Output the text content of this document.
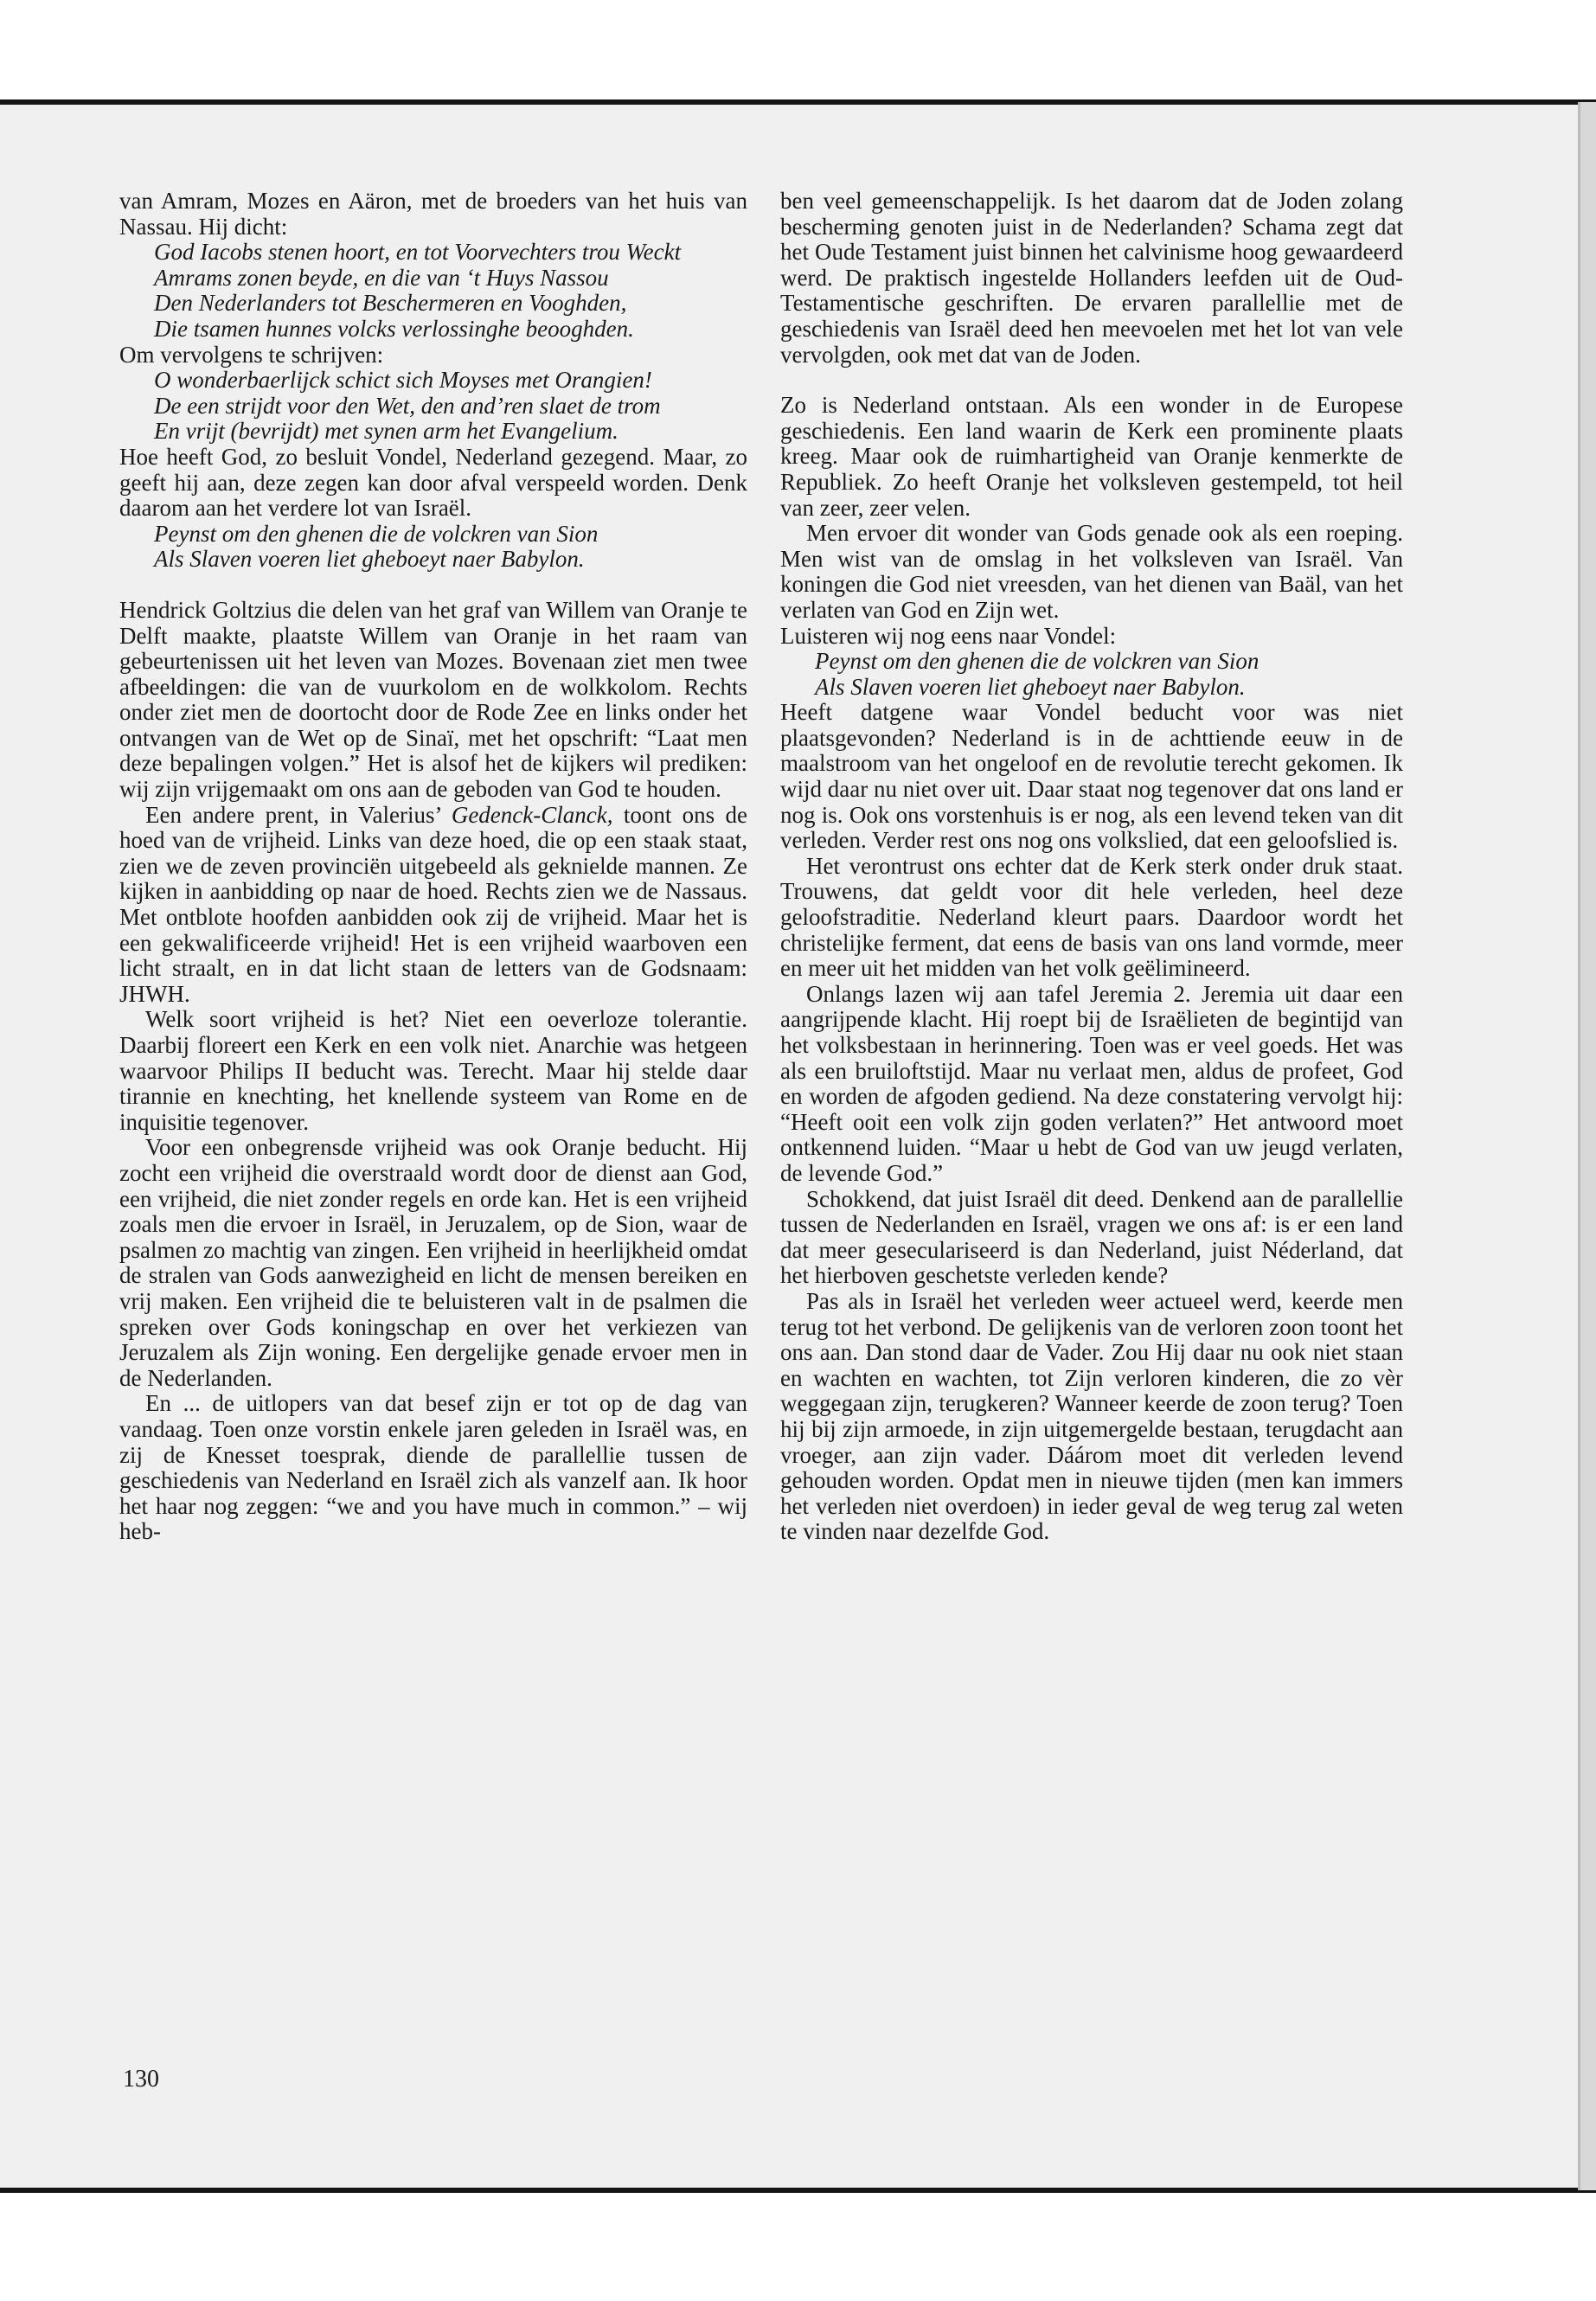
van Amram, Mozes en Aäron, met de broeders van het huis van Nassau. Hij dicht:

God Iacobs stenen hoort, en tot Voorvechters trou Weckt Amrams zonen beyde, en die van ‘t Huys Nassou

Den Nederlanders tot Beschermeren en Vooghden,

Die tsamen hunnes volcks verlossinghe beooghden.

Om vervolgens te schrijven:

O wonderbaerlijck schict sich Moyses met Orangien!

De een strijdt voor den Wet, den and’ren slaet de trom

En vrijt (bevrijdt) met synen arm het Evangelium.

Hoe heeft God, zo besluit Vondel, Nederland gezegend. Maar, zo geeft hij aan, deze zegen kan door afval verspeeld worden. Denk daarom aan het verdere lot van Israël.

Peynst om den ghenen die de volckren van Sion

Als Slaven voeren liet gheboeyt naer Babylon.

Hendrick Goltzius die delen van het graf van Willem van Oranje te Delft maakte, plaatste Willem van Oranje in het raam van gebeurtenissen uit het leven van Mozes. Bovenaan ziet men twee afbeeldingen: die van de vuurkolom en de wolkkolom. Rechts onder ziet men de doortocht door de Rode Zee en links onder het ontvangen van de Wet op de Sinaï, met het opschrift: “Laat men deze bepalingen volgen.” Het is alsof het de kijkers wil prediken: wij zijn vrijgemaakt om ons aan de geboden van God te houden.

Een andere prent, in Valerius’ Gedenck-Clanck, toont ons de hoed van de vrijheid. Links van deze hoed, die op een staak staat, zien we de zeven provinciën uitgebeeld als geknielde mannen. Ze kijken in aanbidding op naar de hoed. Rechts zien we de Nassaus. Met ontblote hoofden aanbidden ook zij de vrijheid. Maar het is een gekwalificeerde vrijheid! Het is een vrijheid waarboven een licht straalt, en in dat licht staan de letters van de Godsnaam: JHWH.

Welk soort vrijheid is het? Niet een oeverloze tolerantie. Daarbij floreert een Kerk en een volk niet. Anarchie was hetgeen waarvoor Philips II beducht was. Terecht. Maar hij stelde daar tirannie en knechting, het knellende systeem van Rome en de inquisitie tegenover.

Voor een onbegrensde vrijheid was ook Oranje beducht. Hij zocht een vrijheid die overstraald wordt door de dienst aan God, een vrijheid, die niet zonder regels en orde kan. Het is een vrijheid zoals men die ervoer in Israël, in Jeruzalem, op de Sion, waar de psalmen zo machtig van zingen. Een vrijheid in heerlijkheid omdat de stralen van Gods aanwezigheid en licht de mensen bereiken en vrij maken. Een vrijheid die te beluisteren valt in de psalmen die spreken over Gods koningschap en over het verkiezen van Jeruzalem als Zijn woning. Een dergelijke genade ervoer men in de Nederlanden.

En ... de uitlopers van dat besef zijn er tot op de dag van vandaag. Toen onze vorstin enkele jaren geleden in Israël was, en zij de Knesset toesprak, diende de parallellie tussen de geschiedenis van Nederland en Israël zich als vanzelf aan. Ik hoor het haar nog zeggen: “we and you have much in common.” – wij heb-

ben veel gemeenschappelijk. Is het daarom dat de Joden zolang bescherming genoten juist in de Nederlanden? Schama zegt dat het Oude Testament juist binnen het calvinisme hoog gewaardeerd werd. De praktisch ingestelde Hollanders leefden uit de Oud-Testamentische geschriften. De ervaren parallellie met de geschiedenis van Israël deed hen meevoelen met het lot van vele vervolgden, ook met dat van de Joden.

Zo is Nederland ontstaan. Als een wonder in de Europese geschiedenis. Een land waarin de Kerk een prominente plaats kreeg. Maar ook de ruimhartigheid van Oranje kenmerkte de Republiek. Zo heeft Oranje het volksleven gestempeld, tot heil van zeer, zeer velen.

Men ervoer dit wonder van Gods genade ook als een roeping. Men wist van de omslag in het volksleven van Israël. Van koningen die God niet vreesden, van het dienen van Baäl, van het verlaten van God en Zijn wet.

Luisteren wij nog eens naar Vondel:

Peynst om den ghenen die de volckren van Sion

Als Slaven voeren liet gheboeyt naer Babylon.

Heeft datgene waar Vondel beducht voor was niet plaatsgevonden? Nederland is in de achttiende eeuw in de maalstroom van het ongeloof en de revolutie terecht gekomen. Ik wijd daar nu niet over uit. Daar staat nog tegenover dat ons land er nog is. Ook ons vorstenhuis is er nog, als een levend teken van dit verleden. Verder rest ons nog ons volkslied, dat een geloofslied is.

Het verontrust ons echter dat de Kerk sterk onder druk staat. Trouwens, dat geldt voor dit hele verleden, heel deze geloofstraditie. Nederland kleurt paars. Daardoor wordt het christelijke ferment, dat eens de basis van ons land vormde, meer en meer uit het midden van het volk geëlimineerd.

Onlangs lazen wij aan tafel Jeremia 2. Jeremia uit daar een aangrijpende klacht. Hij roept bij de Israëlieten de begintijd van het volksbestaan in herinnering. Toen was er veel goeds. Het was als een bruiloftstijd. Maar nu verlaat men, aldus de profeet, God en worden de afgoden gediend. Na deze constatering vervolgt hij: “Heeft ooit een volk zijn goden verlaten?” Het antwoord moet ontkennend luiden. “Maar u hebt de God van uw jeugd verlaten, de levende God.”

Schokkend, dat juist Israël dit deed. Denkend aan de parallellie tussen de Nederlanden en Israël, vragen we ons af: is er een land dat meer geseculariseerd is dan Nederland, juist Néderland, dat het hierboven geschetste verleden kende?

Pas als in Israël het verleden weer actueel werd, keerde men terug tot het verbond. De gelijkenis van de verloren zoon toont het ons aan. Dan stond daar de Vader. Zou Hij daar nu ook niet staan en wachten en wachten, tot Zijn verloren kinderen, die zo vèr weggegaan zijn, terugkeren? Wanneer keerde de zoon terug? Toen hij bij zijn armoede, in zijn uitgemergelde bestaan, terugdacht aan vroeger, aan zijn vader. Dáárom moet dit verleden levend gehouden worden. Opdat men in nieuwe tijden (men kan immers het verleden niet overdoen) in ieder geval de weg terug zal weten te vinden naar dezelfde God.

130
